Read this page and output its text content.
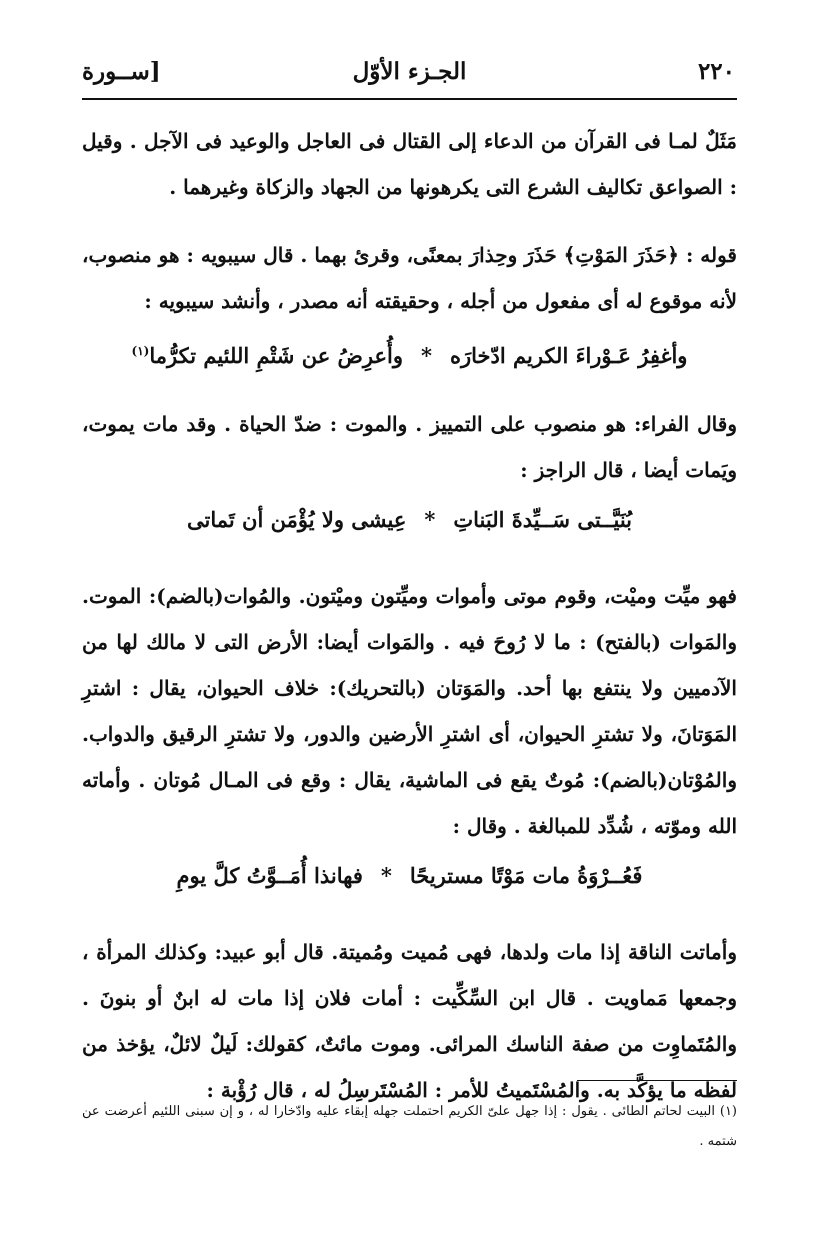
٢٢٠
الجـزء الأوّل
[ســورة

مَثَلٌ لمـا فى القرآن من الدعاء إلى القتال فى العاجل والوعيد فى الآجل . وقيل : الصواعق تكاليف الشرع التى يكرهونها من الجهاد والزكاة وغيرهما .

قوله : ﴿حَذَرَ المَوْتِ﴾ حَذَرَ وحِذارَ بمعنًى، وقرئ بهما . قال سيبويه : هو منصوب، لأنه موقوع له أى مفعول من أجله ، وحقيقته أنه مصدر ، وأنشد سيبويه :

وأغفِرُ عَـوْراءَ الكريم ادّخارَه*وأُعرِضُ عن شَتْمِ اللئيم تكرُّما$^{(١)}$

وقال الفراء: هو منصوب على التمييز . والموت : ضدّ الحياة . وقد مات يموت، ويَمات أيضا ، قال الراجز :

بُنَيَّــتى سَــيِّدةَ البَناتِ*عِيشى ولا يُؤْمَن أن تَماتى

فهو ميِّت وميْت، وقوم موتى وأموات وميِّتون وميْتون. والمُوات(بالضم): الموت. والمَوات (بالفتح) : ما لا رُوحَ فيه . والمَوات أيضا: الأرض التى لا مالك لها من الآدميين ولا ينتفع بها أحد. والمَوَتان (بالتحريك): خلاف الحيوان، يقال : اشترِ المَوَتانَ، ولا تشترِ الحيوان، أى اشترِ الأرضين والدور، ولا تشترِ الرقيق والدواب. والمُوْتان(بالضم): مُوتٌ يقع فى الماشية، يقال : وقع فى المـال مُوتان . وأماته الله وموّته ، شُدِّد للمبالغة . وقال :

فَعُــرْوَةُ مات مَوْتًا مستريحًا*فهانذا أُمَــوَّتُ كلَّ يومِ

وأماتت الناقة إذا مات ولدها، فهى مُميت ومُميتة. قال أبو عبيد: وكذلك المرأة ، وجمعها مَماويت . قال ابن السِّكِّيت : أمات فلان إذا مات له ابنٌ أو بنونَ . والمُتَماوِت من صفة الناسك المرائى. وموت مائتٌ، كقولك: لَيلٌ لائلٌ، يؤخذ من لفظه ما يؤكَّد به. والمُسْتَميتُ للأمر : المُسْتَرسِلُ له ، قال رُؤْبة :

(١) البيت لحاتم الطائى . يقول : إذا جهل علىّ الكريم احتملت جهله إبقاء عليه وادّخارا له ، و إن سبنى اللئيم أعرضت عن شتمه .
